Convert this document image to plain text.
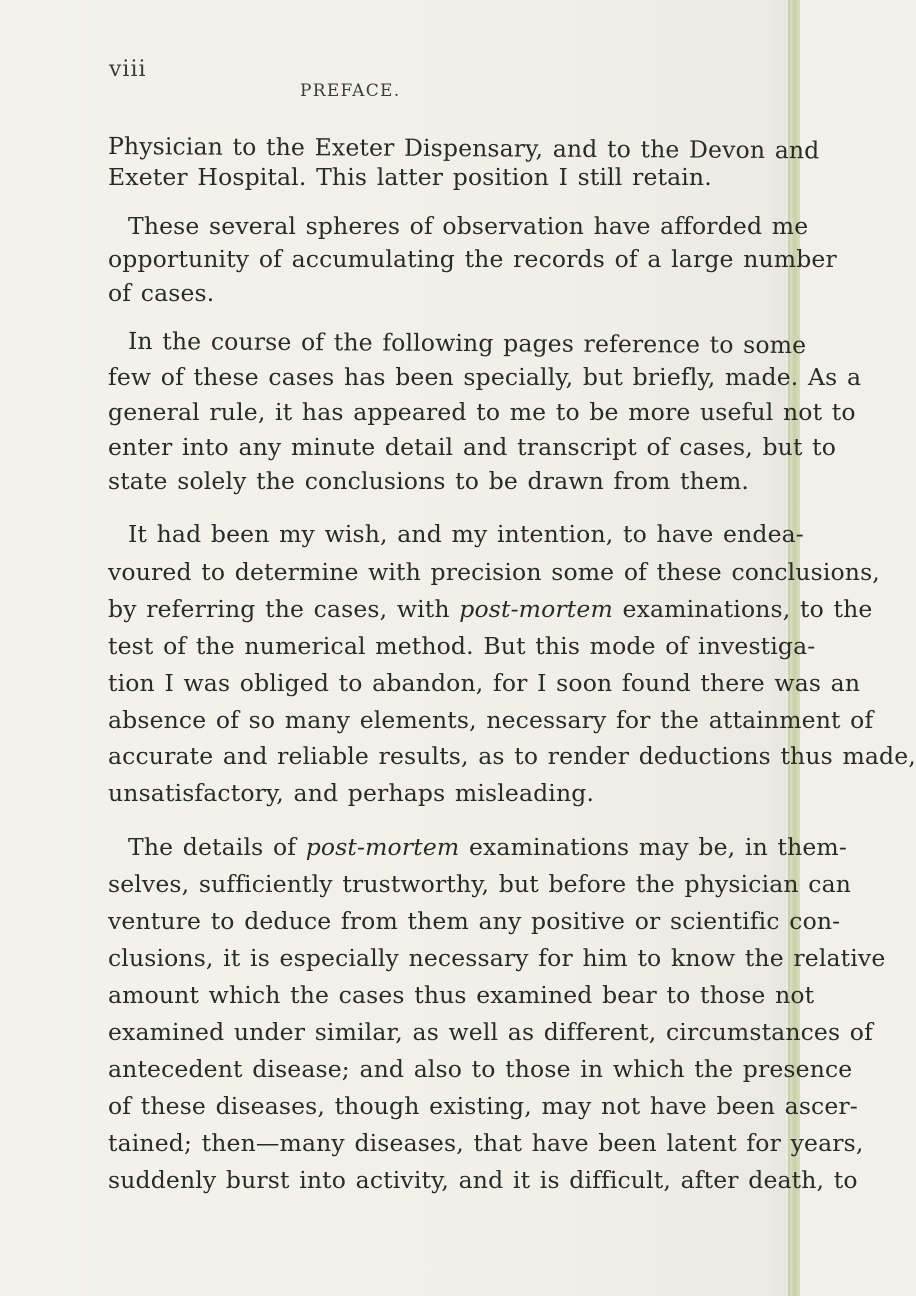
viii
PREFACE.
Physician to the Exeter Dispensary, and to the Devon and
Exeter Hospital. This latter position I still retain.
These several spheres of observation have afforded me
opportunity of accumulating the records of a large number
of cases.
In the course of the following pages reference to some
few of these cases has been specially, but briefly, made. As a
general rule, it has appeared to me to be more useful not to
enter into any minute detail and transcript of cases, but to
state solely the conclusions to be drawn from them.
It had been my wish, and my intention, to have endea-
voured to determine with precision some of these conclusions,
by referring the cases, with post-mortem examinations, to the
test of the numerical method. But this mode of investiga-
tion I was obliged to abandon, for I soon found there was an
absence of so many elements, necessary for the attainment of
accurate and reliable results, as to render deductions thus made,
unsatisfactory, and perhaps misleading.
The details of post-mortem examinations may be, in them-
selves, sufficiently trustworthy, but before the physician can
venture to deduce from them any positive or scientific con-
clusions, it is especially necessary for him to know the relative
amount which the cases thus examined bear to those not
examined under similar, as well as different, circumstances of
antecedent disease; and also to those in which the presence
of these diseases, though existing, may not have been ascer-
tained; then—many diseases, that have been latent for years,
suddenly burst into activity, and it is difficult, after death, to
